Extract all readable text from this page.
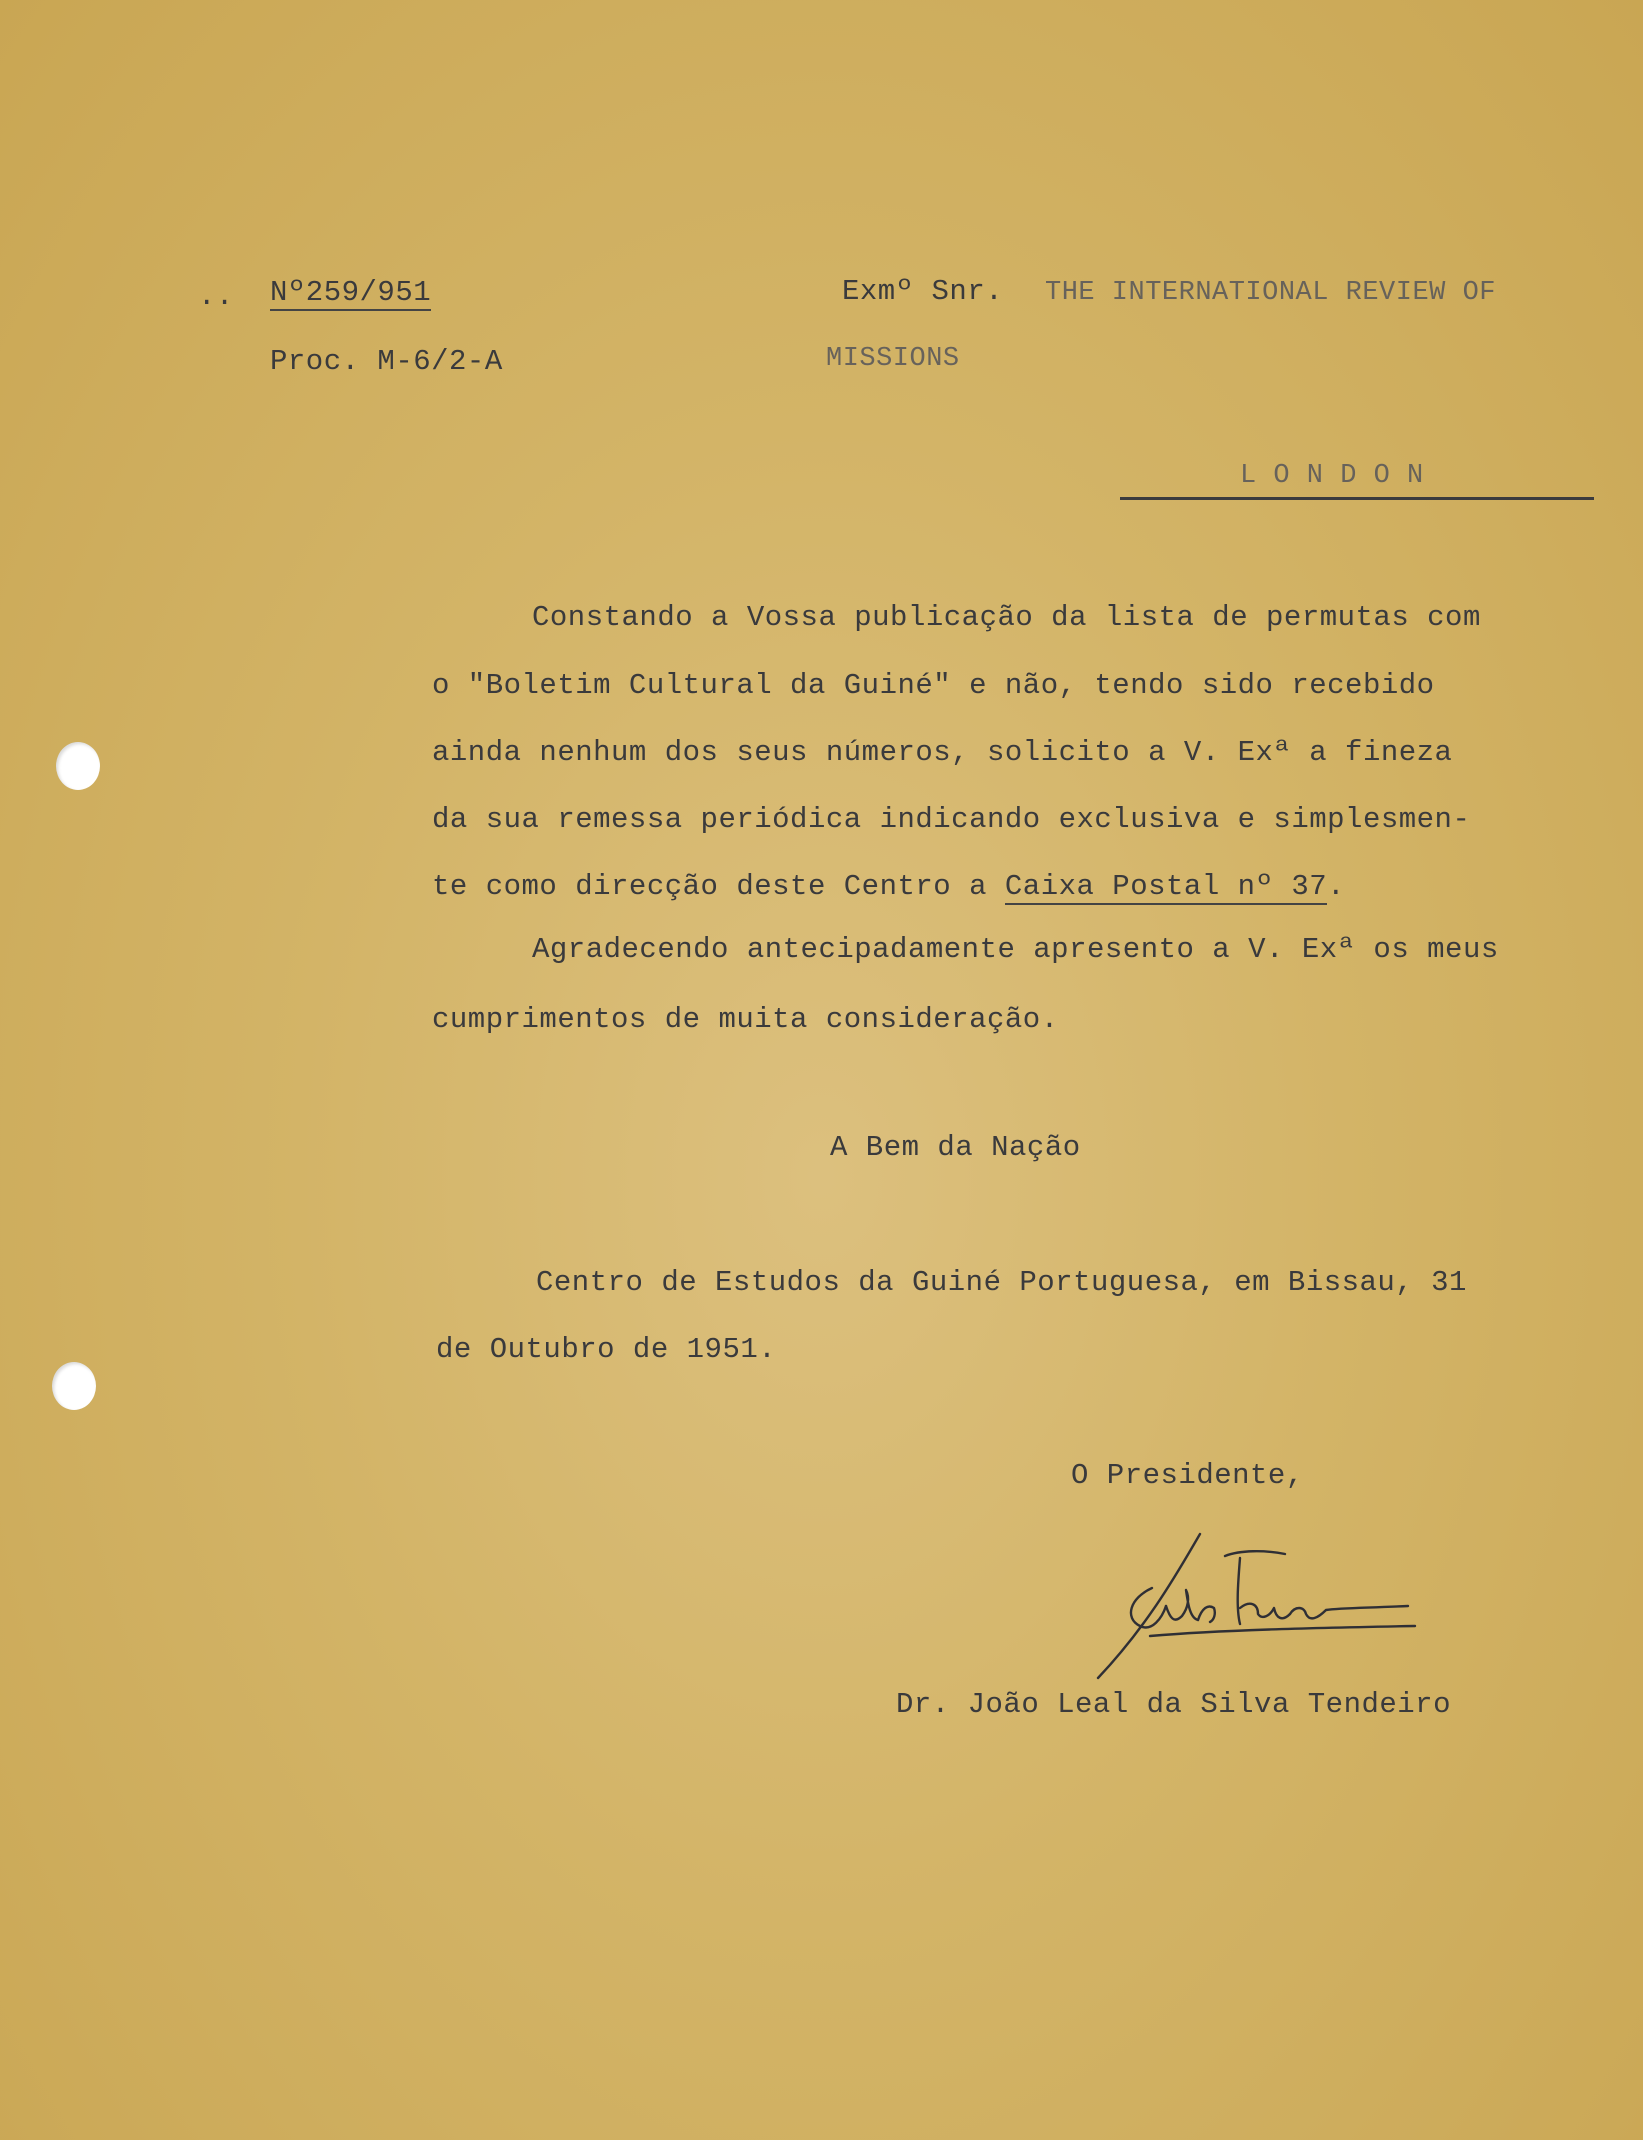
.. Nº259/951
Proc. M-6/2-A
Exmº Snr. THE INTERNATIONAL REVIEW OF
MISSIONS
L O N D O N
Constando a Vossa publicação da lista de permutas com
o "Boletim Cultural da Guiné" e não, tendo sido recebido
ainda nenhum dos seus números, solicito a V. Exª a fineza
da sua remessa periódica indicando exclusiva e simplesmen-
te como direcção deste Centro a Caixa Postal nº 37.
Agradecendo antecipadamente apresento a V. Exª os meus
cumprimentos de muita consideração.
A Bem da Nação
Centro de Estudos da Guiné Portuguesa, em Bissau, 31
de Outubro de 1951.
O Presidente,
Dr. João Leal da Silva Tendeiro
